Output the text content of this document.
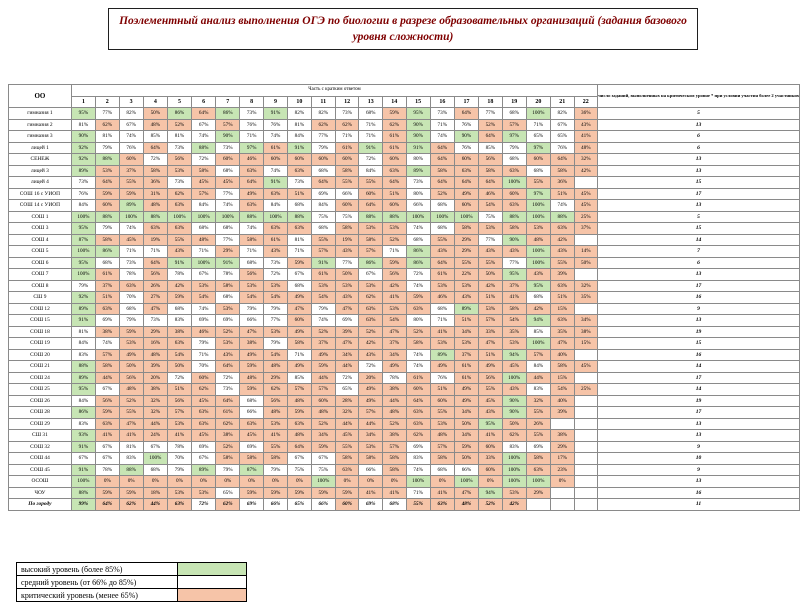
Поэлементный анализ выполнения ОГЭ по биологии в разрезе образовательных организаций (задания базового уровня сложности)
ОО	Часть с кратким ответом																						число заданий, выполненных на критическом уровне * при условии участия более 2 участников
	1	2	3	4	5	6	7	8	9	10	11	12	13	14	15	16	17	18	19	20	21	22	
гимназия 1	95%	77%	82%	50%	86%	64%	86%	73%	91%	82%	82%	73%	68%	59%	95%	73%	64%	77%	68%	100%	82%	36%	5
гимназия 2	81%	62%	67%	48%	52%	67%	57%	76%	76%	81%	62%	62%	71%	62%	90%	71%	76%	52%	57%	71%	67%	43%	13
гимназия 3	90%	81%	74%	85%	81%	74%	90%	71%	74%	84%	77%	71%	71%	61%	90%	74%	90%	64%	97%	65%	65%	41%	6
лицей 1	92%	79%	76%	64%	73%	88%	73%	97%	61%	91%	79%	61%	91%	61%	91%	64%	76%	85%	79%	97%	76%	48%	6
СЕНЕЖ	92%	88%	60%	72%	56%	72%	60%	46%	60%	60%	60%	60%	72%	60%	80%	64%	60%	56%	68%	60%	64%	32%	13
лицей 3	89%	53%	37%	58%	53%	58%	68%	63%	74%	63%	68%	58%	84%	63%	89%	58%	63%	58%	63%	68%	58%	42%	13
лицей 4	73%	64%	55%	36%	73%	45%	45%	64%	91%	73%	64%	55%	55%	64%	73%	64%	64%	64%	100%	55%	36%		15
СОШ 16 с УИОП	76%	59%	59%	31%	62%	57%	77%	49%	63%	51%	69%	66%	60%	51%	80%	52%	49%	46%	60%	97%	51%	45%	17
СОШ 14 с УИОП	84%	60%	89%	48%	63%	84%	74%	63%	84%	68%	84%	60%	64%	60%	66%	68%	60%	54%	63%	100%	74%	45%	13
СОШ 1	100%	88%	100%	88%	100%	100%	100%	88%	100%	88%	75%	75%	88%	88%	100%	100%	100%	75%	88%	100%	88%	25%	5
СОШ 3	95%	79%	74%	63%	63%	68%	68%	74%	63%	63%	68%	58%	53%	53%	74%	68%	58%	53%	58%	53%	63%	37%	15
СОШ 4	87%	58%	45%	19%	55%	48%	77%	58%	61%	81%	55%	19%	58%	52%	68%	55%	29%	77%	90%	48%	42%		14
СОШ 5	100%	86%	71%	71%	43%	71%	29%	71%	43%	71%	57%	43%	57%	71%	86%	43%	29%	43%	43%	100%	43%	14%	7
СОШ 6	95%	68%	73%	64%	91%	100%	91%	68%	73%	59%	91%	77%	86%	59%	86%	64%	55%	55%	77%	100%	55%	50%	6
СОШ 7	100%	61%	78%	56%	78%	67%	78%	56%	72%	67%	61%	50%	67%	56%	72%	61%	22%	50%	95%	43%	39%		13
СОШ 8	79%	37%	63%	26%	42%	53%	58%	53%	53%	68%	53%	53%	53%	42%	74%	53%	53%	42%	37%	95%	63%	32%	17
СШ 9	92%	51%	70%	27%	59%	54%	68%	54%	54%	49%	54%	43%	62%	41%	59%	46%	43%	51%	41%	68%	51%	35%	16
СОШ 12	89%	63%	68%	47%	68%	74%	53%	79%	79%	47%	79%	47%	63%	53%	63%	68%	89%	53%	58%	42%	15%		9
СОШ 15	91%	69%	79%	73%	83%	69%	69%	66%	77%	60%	74%	69%	63%	54%	80%	71%	51%	57%	54%	94%	63%	34%	13
СОШ 18	81%	38%	59%	29%	38%	46%	52%	47%	53%	49%	52%	39%	52%	47%	52%	41%	34%	33%	35%	85%	35%	38%	19
СОШ 19	84%	74%	53%	16%	63%	79%	53%	38%	79%	58%	37%	47%	42%	37%	58%	53%	53%	47%	53%	100%	47%	15%	15
СОШ 20	83%	57%	49%	48%	54%	71%	43%	49%	54%	71%	49%	34%	43%	34%	74%	89%	37%	51%	94%	57%	40%		16
СОШ 21	88%	58%	50%	39%	50%	70%	64%	59%	48%	49%	59%	44%	72%	49%	74%	49%	61%	49%	45%	84%	58%	45%	14
СОШ 24	89%	44%	56%	20%	72%	60%	72%	48%	29%	85%	44%	72%	20%	78%	61%	76%	61%	56%	100%	44%	15%		17
СОШ 25	95%	67%	48%	38%	51%	62%	73%	59%	62%	57%	57%	65%	49%	38%	60%	51%	49%	55%	43%	83%	54%	25%	14
СОШ 26	84%	56%	52%	32%	56%	45%	64%	68%	56%	48%	60%	28%	49%	44%	64%	60%	49%	45%	90%	32%	40%		19
СОШ 28	86%	59%	55%	32%	57%	63%	61%	66%	48%	59%	48%	32%	57%	48%	63%	55%	34%	43%	90%	55%	39%		17
СОШ 29	83%	63%	47%	44%	53%	63%	62%	63%	53%	63%	52%	44%	44%	52%	63%	53%	50%	95%	50%	26%			13
СШ 31	93%	41%	41%	24%	41%	45%	38%	45%	41%	48%	34%	45%	34%	38%	62%	48%	34%	41%	62%	55%	38%		13
СОШ 32	91%	67%	81%	67%	78%	69%	52%	69%	55%	64%	59%	55%	53%	57%	69%	57%	59%	60%	83%	69%	29%		9
СОШ 44	67%	67%	83%	100%	70%	67%	58%	58%	58%	67%	67%	58%	58%	58%	83%	58%	50%	33%	100%	58%	17%		10
СОШ 45	91%	78%	88%	68%	79%	89%	79%	87%	79%	75%	75%	63%	66%	58%	74%	68%	66%	60%	100%	63%	23%		9
ОСОШ	100%	0%	0%	0%	0%	0%	0%	0%	0%	0%	100%	0%	0%	0%	100%	0%	100%	0%	100%	100%	0%		13
ЧОУ	88%	59%	59%	18%	53%	53%	65%	59%	59%	59%	59%	59%	41%	41%	71%	41%	47%	94%	53%	29%			16
По городу	99%	64%	62%	44%	63%	72%	62%	69%	66%	65%	66%	60%	69%	68%	55%	63%	48%	52%	42%				11
высокий уровень (более 85%)	
средний уровень (от 66% до 85%)	
критический уровень (менее 65%)	
